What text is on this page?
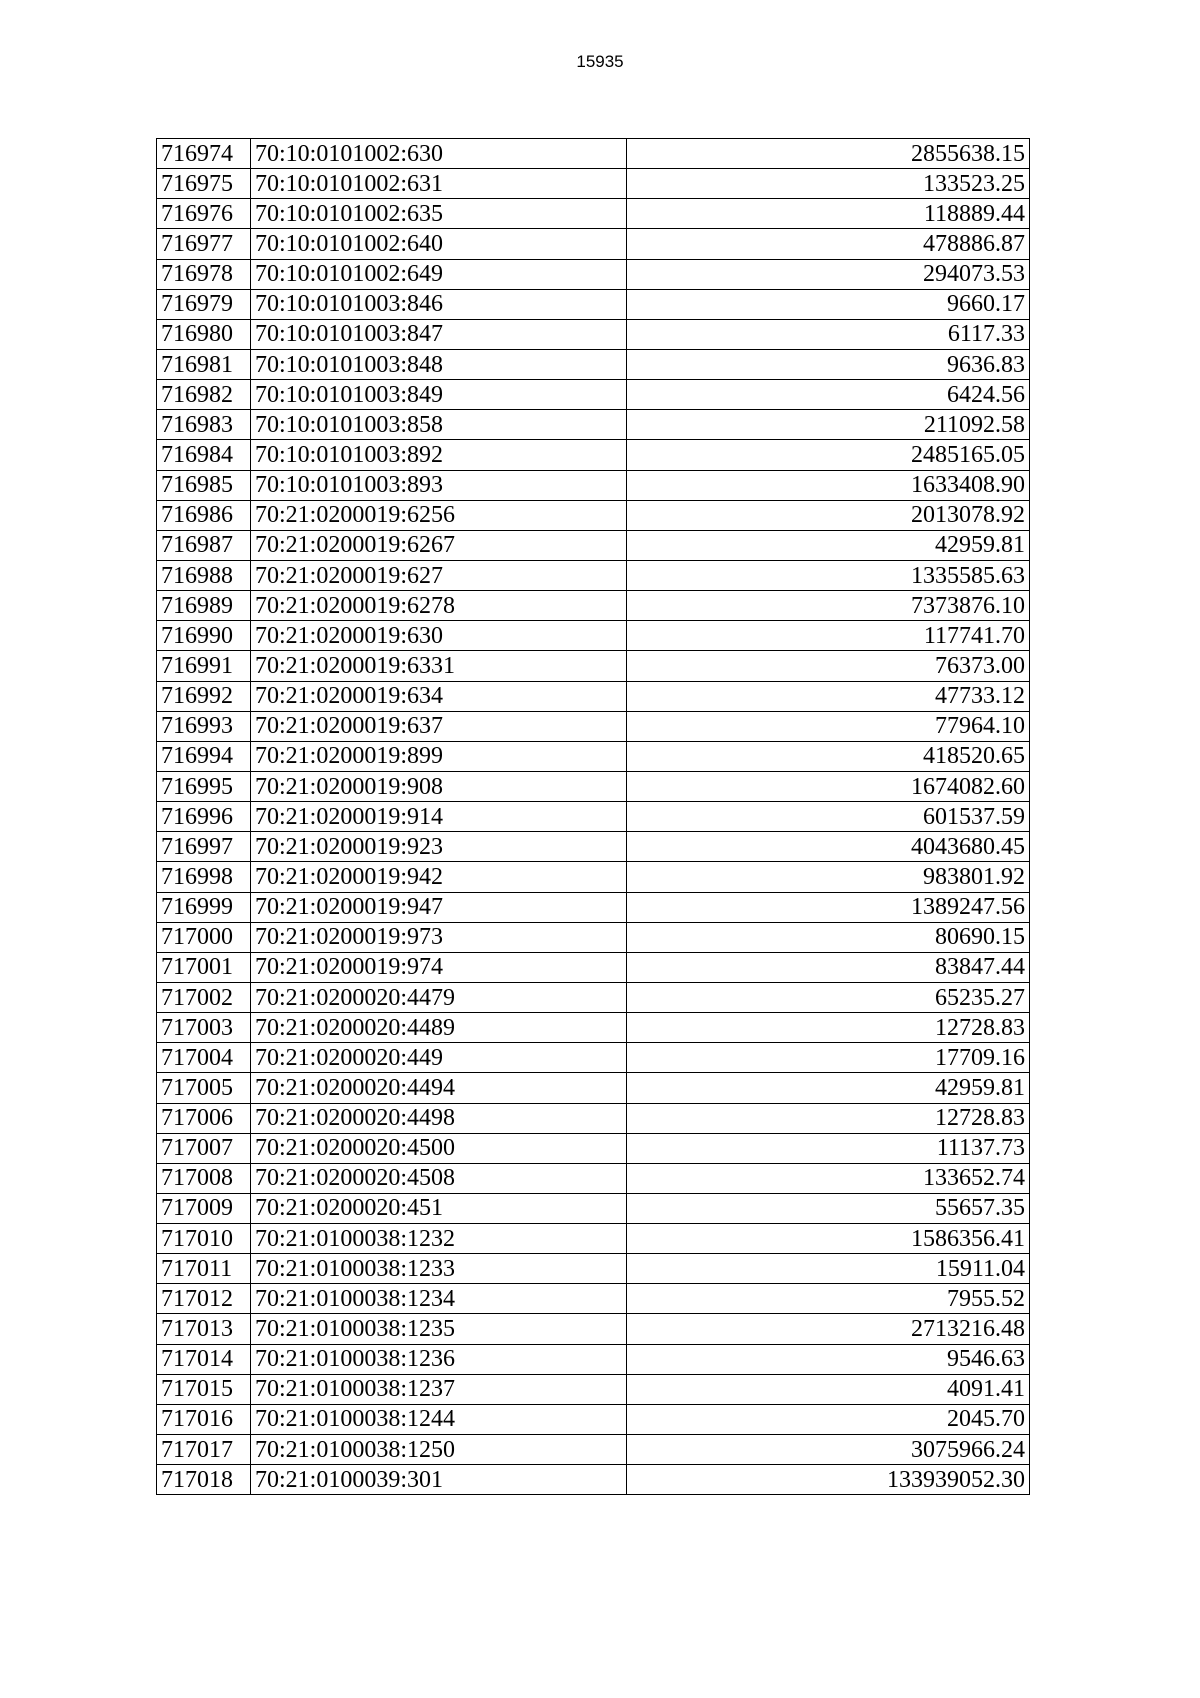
15935
716974	70:10:0101002:630	2855638.15
716975	70:10:0101002:631	133523.25
716976	70:10:0101002:635	118889.44
716977	70:10:0101002:640	478886.87
716978	70:10:0101002:649	294073.53
716979	70:10:0101003:846	9660.17
716980	70:10:0101003:847	6117.33
716981	70:10:0101003:848	9636.83
716982	70:10:0101003:849	6424.56
716983	70:10:0101003:858	211092.58
716984	70:10:0101003:892	2485165.05
716985	70:10:0101003:893	1633408.90
716986	70:21:0200019:6256	2013078.92
716987	70:21:0200019:6267	42959.81
716988	70:21:0200019:627	1335585.63
716989	70:21:0200019:6278	7373876.10
716990	70:21:0200019:630	117741.70
716991	70:21:0200019:6331	76373.00
716992	70:21:0200019:634	47733.12
716993	70:21:0200019:637	77964.10
716994	70:21:0200019:899	418520.65
716995	70:21:0200019:908	1674082.60
716996	70:21:0200019:914	601537.59
716997	70:21:0200019:923	4043680.45
716998	70:21:0200019:942	983801.92
716999	70:21:0200019:947	1389247.56
717000	70:21:0200019:973	80690.15
717001	70:21:0200019:974	83847.44
717002	70:21:0200020:4479	65235.27
717003	70:21:0200020:4489	12728.83
717004	70:21:0200020:449	17709.16
717005	70:21:0200020:4494	42959.81
717006	70:21:0200020:4498	12728.83
717007	70:21:0200020:4500	11137.73
717008	70:21:0200020:4508	133652.74
717009	70:21:0200020:451	55657.35
717010	70:21:0100038:1232	1586356.41
717011	70:21:0100038:1233	15911.04
717012	70:21:0100038:1234	7955.52
717013	70:21:0100038:1235	2713216.48
717014	70:21:0100038:1236	9546.63
717015	70:21:0100038:1237	4091.41
717016	70:21:0100038:1244	2045.70
717017	70:21:0100038:1250	3075966.24
717018	70:21:0100039:301	133939052.30
